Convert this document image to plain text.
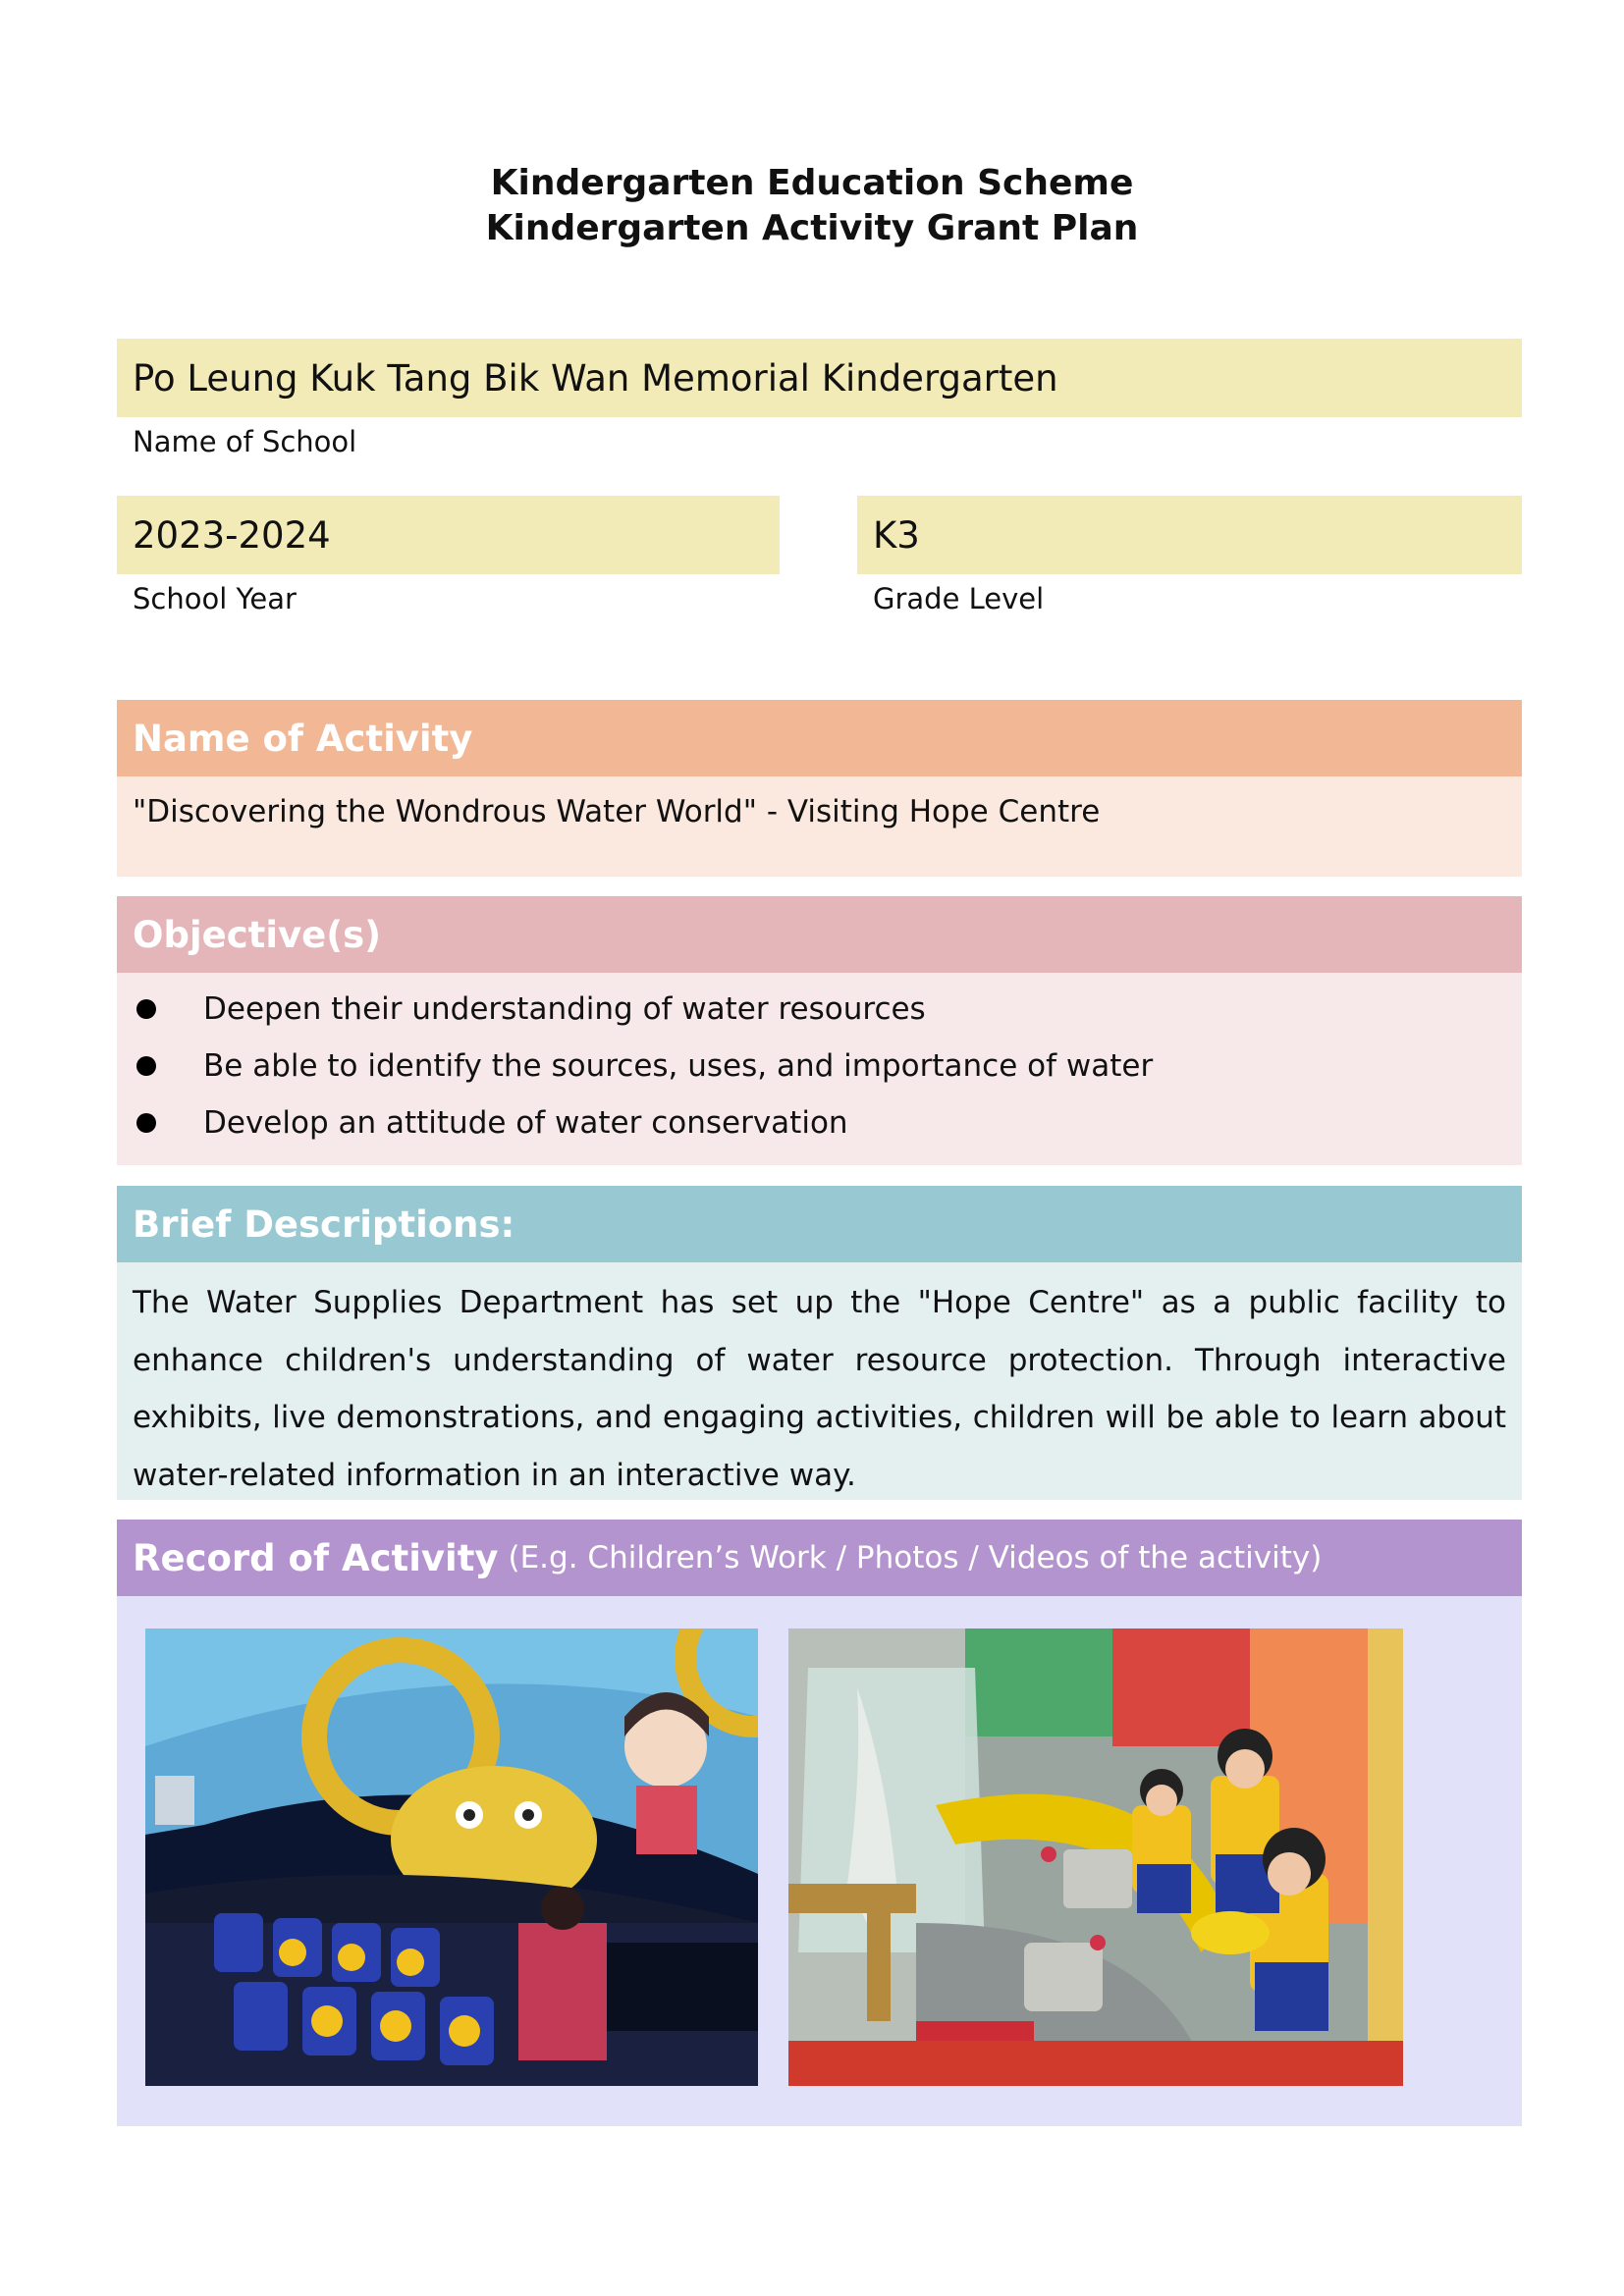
Kindergarten Education Scheme
Kindergarten Activity Grant Plan
Po Leung Kuk Tang Bik Wan Memorial Kindergarten
Name of School
2023-2024
School Year
K3
Grade Level
Name of Activity
"Discovering the Wondrous Water World" - Visiting Hope Centre
Objective(s)
Deepen their understanding of water resources
Be able to identify the sources, uses, and importance of water
Develop an attitude of water conservation
Brief Descriptions:
The Water Supplies Department has set up the "Hope Centre" as a public facility to enhance children's understanding of water resource protection. Through interactive exhibits, live demonstrations, and engaging activities, children will be able to learn about water-related information in an interactive way.
Record of Activity (E.g. Children’s Work / Photos / Videos of the activity)
